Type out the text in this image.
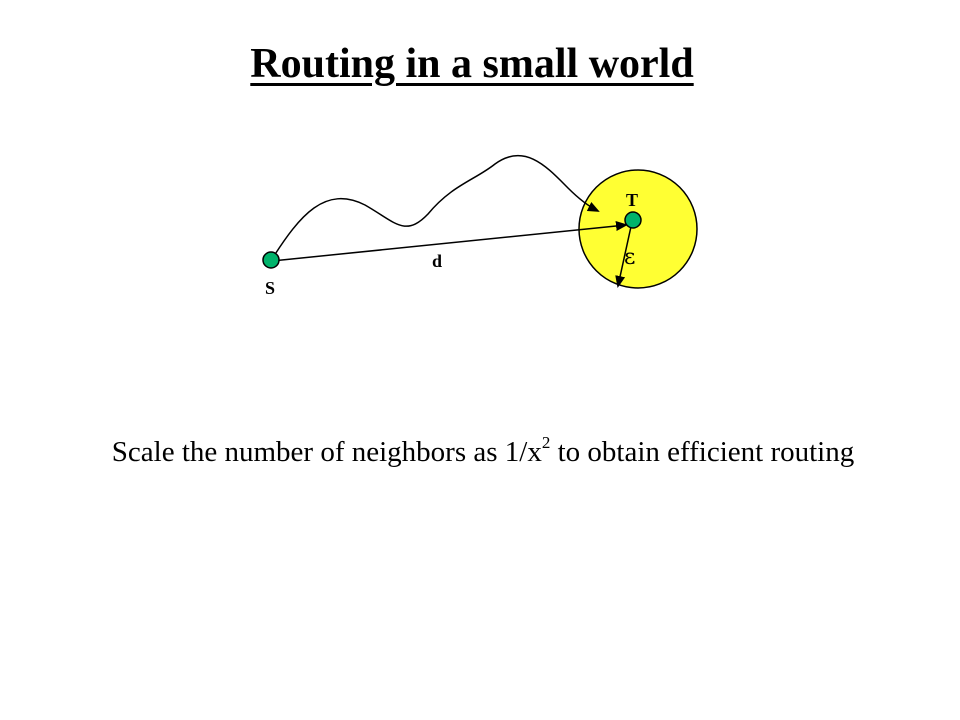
Routing in a small world
S
T
d	ε
Scale the number of neighbors as $1/x^2$ to obtain efficient routing
